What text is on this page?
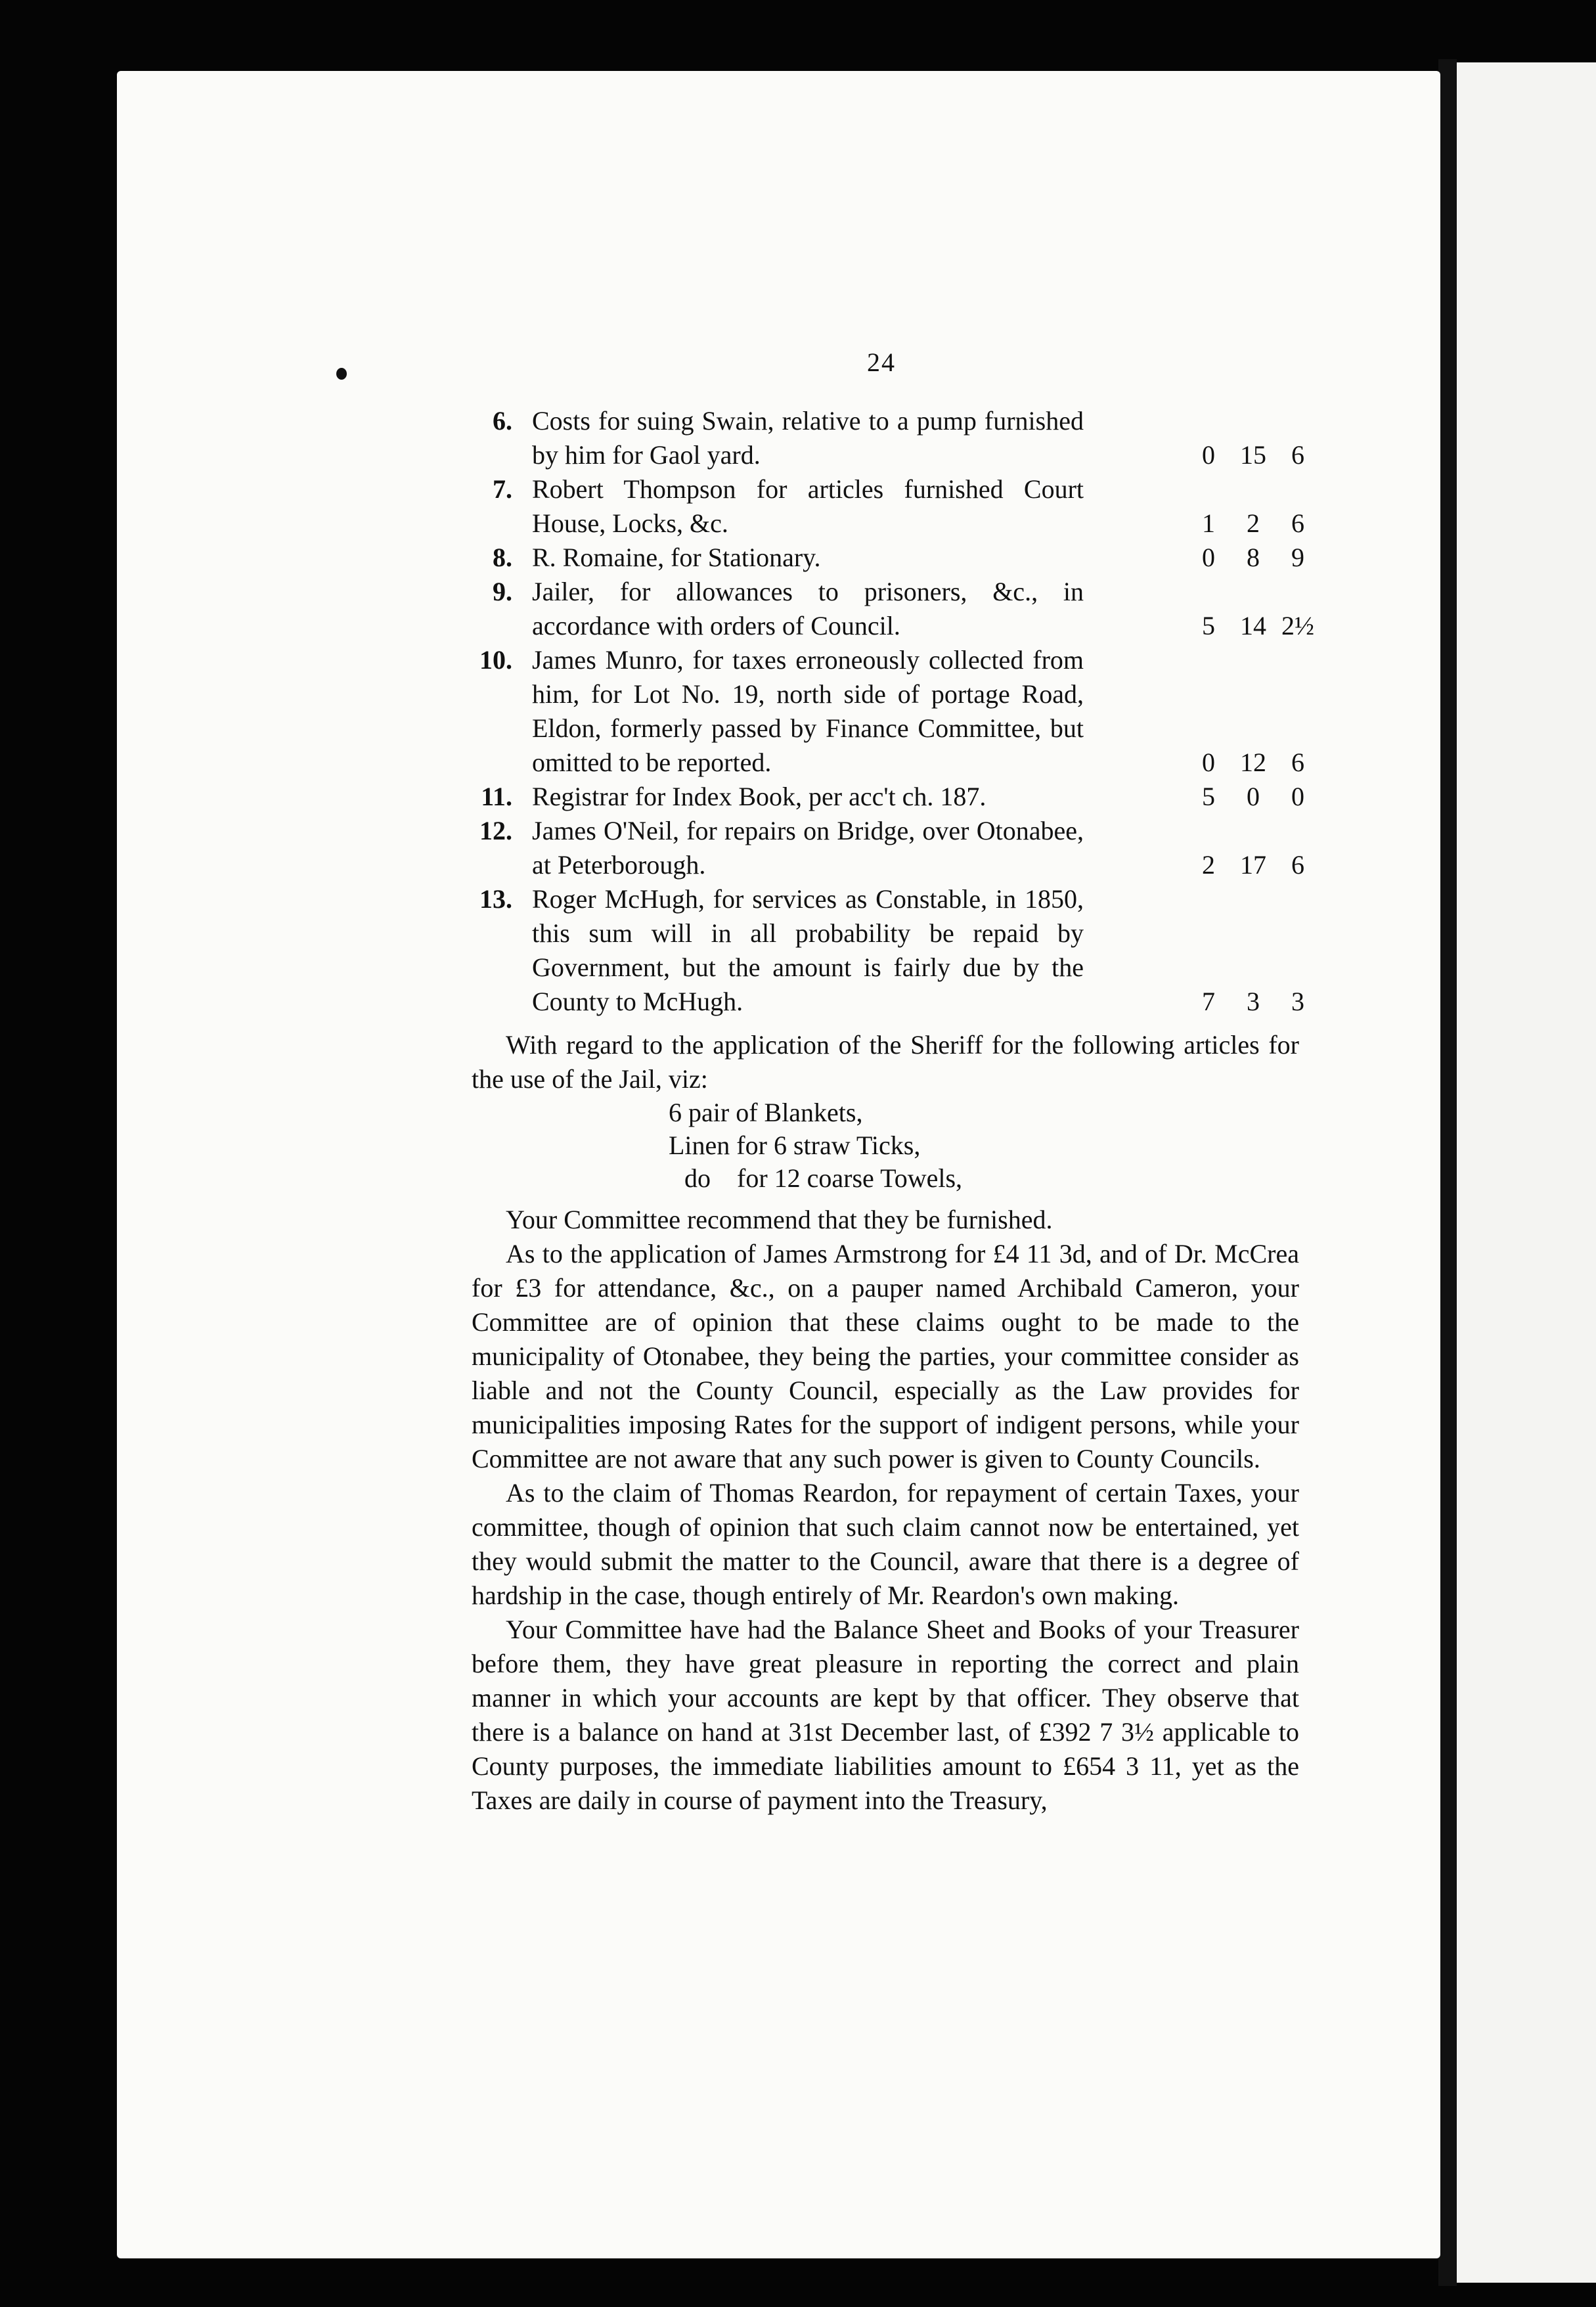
24
6. Costs for suing Swain, relative to a pump furnished by him for Gaol yard.	0 15 6
7. Robert Thompson for articles furnished Court House, Locks, &c.	1	2	6
8. R. Romaine, for Stationary.	0	8	9
9. Jailer, for allowances to prisoners, &c., in accordance with orders of Council.	5 14 2½
10. James Munro, for taxes erroneously collected from him, for Lot No. 19, north side of portage Road, Eldon, formerly passed by Finance Committee, but omitted to be reported.	0 12 6
11. Registrar for Index Book, per acc't ch. 187.	5	0	0
12. James O'Neil, for repairs on Bridge, over Otonabee, at Peterborough.	2 17 6
13. Roger McHugh, for services as Constable, in 1850, this sum will in all probability be repaid by Government, but the amount is fairly due by the County to McHugh.	7	3	3

With regard to the application of the Sheriff for the following articles for the use of the Jail, viz:

6 pair of Blankets,
Linen for 6 straw Ticks,
do    for 12 coarse Towels,

Your Committee recommend that they be furnished.

As to the application of James Armstrong for £4 11 3d, and of Dr. McCrea for £3 for attendance, &c., on a pauper named Archibald Cameron, your Committee are of opinion that these claims ought to be made to the municipality of Otonabee, they being the parties, your committee consider as liable and not the County Council, especially as the Law provides for municipalities imposing Rates for the support of indigent persons, while your Committee are not aware that any such power is given to County Councils.

As to the claim of Thomas Reardon, for repayment of certain Taxes, your committee, though of opinion that such claim cannot now be entertained, yet they would submit the matter to the Council, aware that there is a degree of hardship in the case, though entirely of Mr. Reardon's own making.

Your Committee have had the Balance Sheet and Books of your Treasurer before them, they have great pleasure in reporting the correct and plain manner in which your accounts are kept by that officer. They observe that there is a balance on hand at 31st December last, of £392 7 3½ applicable to County purposes, the immediate liabilities amount to £654 3 11, yet as the Taxes are daily in course of payment into the Treasury,
